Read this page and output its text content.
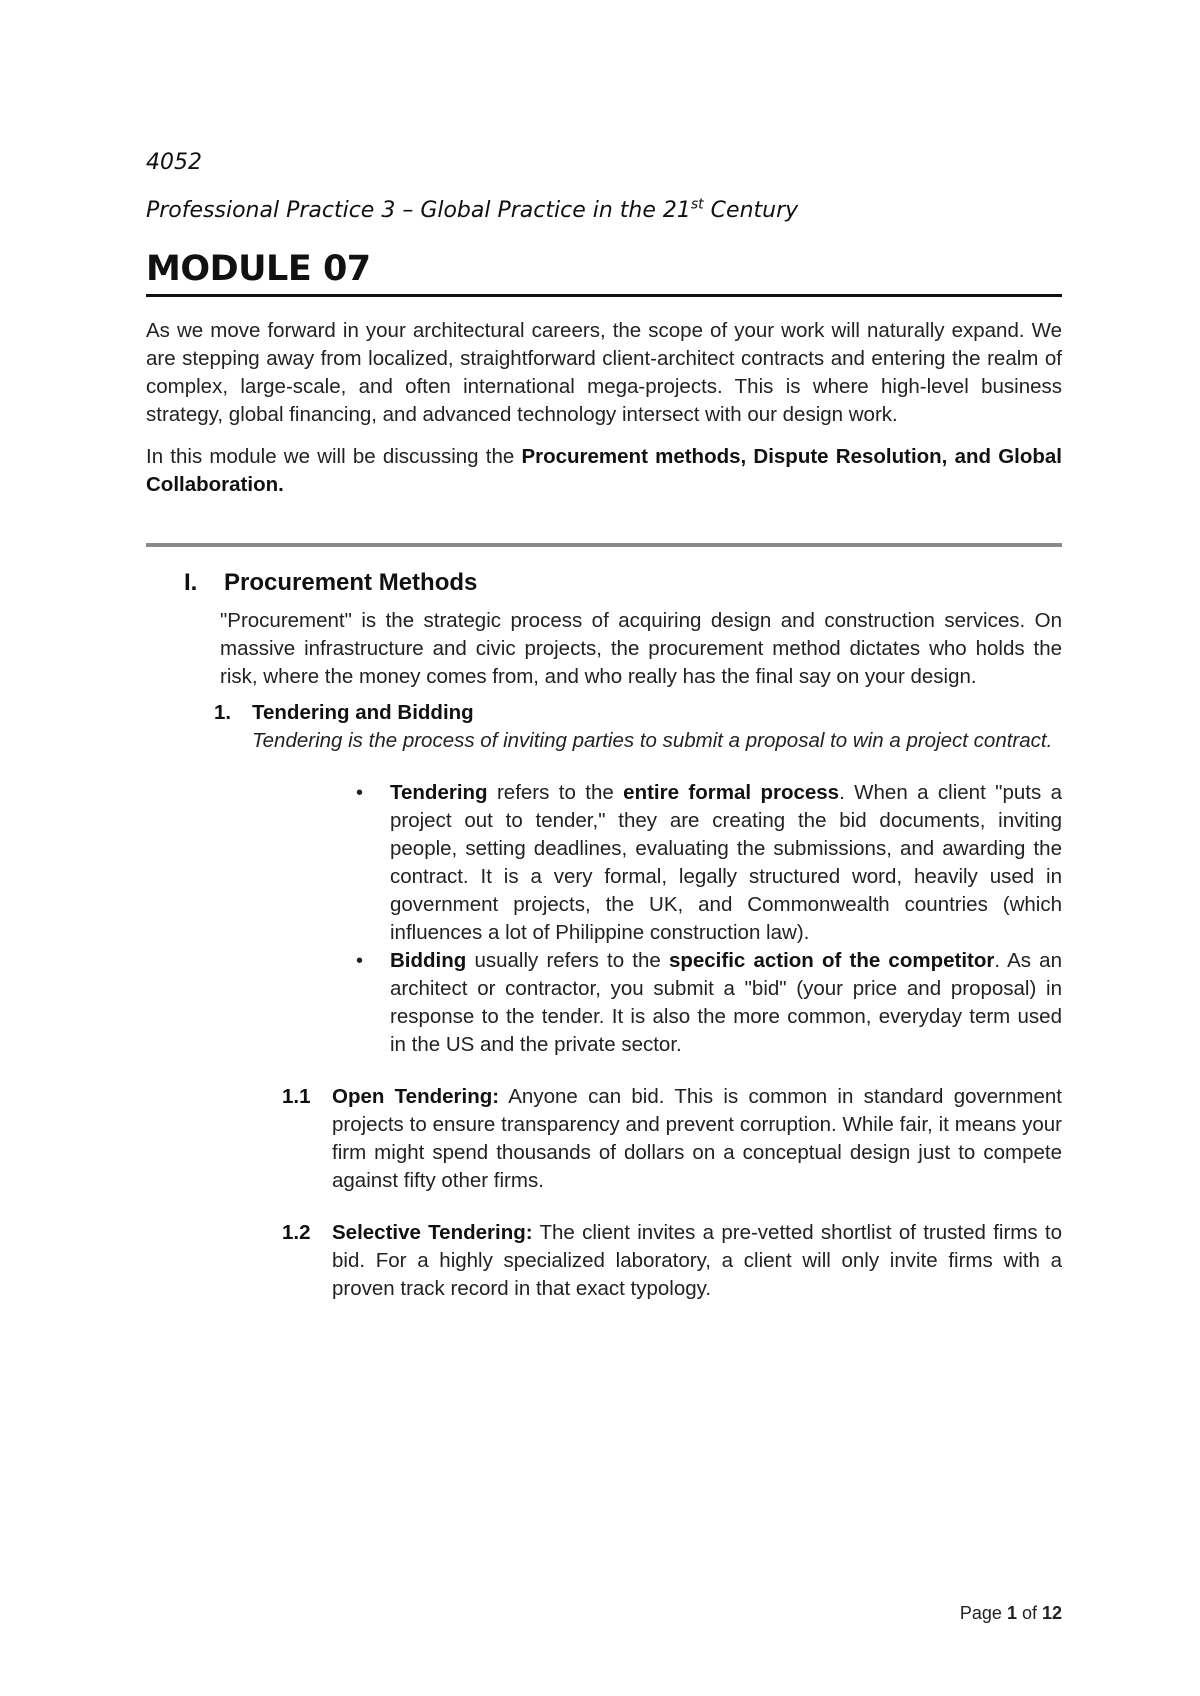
4052

Professional Practice 3 – Global Practice in the 21st Century

MODULE 07

As we move forward in your architectural careers, the scope of your work will naturally expand. We are stepping away from localized, straightforward client-architect contracts and entering the realm of complex, large-scale, and often international mega-projects. This is where high-level business strategy, global financing, and advanced technology intersect with our design work.

In this module we will be discussing the Procurement methods, Dispute Resolution, and Global Collaboration.

I. Procurement Methods

"Procurement" is the strategic process of acquiring design and construction services. On massive infrastructure and civic projects, the procurement method dictates who holds the risk, where the money comes from, and who really has the final say on your design.

1. Tendering and Bidding
Tendering is the process of inviting parties to submit a proposal to win a project contract.
• Tendering refers to the entire formal process. When a client "puts a project out to tender," they are creating the bid documents, inviting people, setting deadlines, evaluating the submissions, and awarding the contract. It is a very formal, legally structured word, heavily used in government projects, the UK, and Commonwealth countries (which influences a lot of Philippine construction law).
• Bidding usually refers to the specific action of the competitor. As an architect or contractor, you submit a "bid" (your price and proposal) in response to the tender. It is also the more common, everyday term used in the US and the private sector.
1.1 Open Tendering: Anyone can bid. This is common in standard government projects to ensure transparency and prevent corruption. While fair, it means your firm might spend thousands of dollars on a conceptual design just to compete against fifty other firms.
1.2 Selective Tendering: The client invites a pre-vetted shortlist of trusted firms to bid. For a highly specialized laboratory, a client will only invite firms with a proven track record in that exact typology.
Page 1 of 12
